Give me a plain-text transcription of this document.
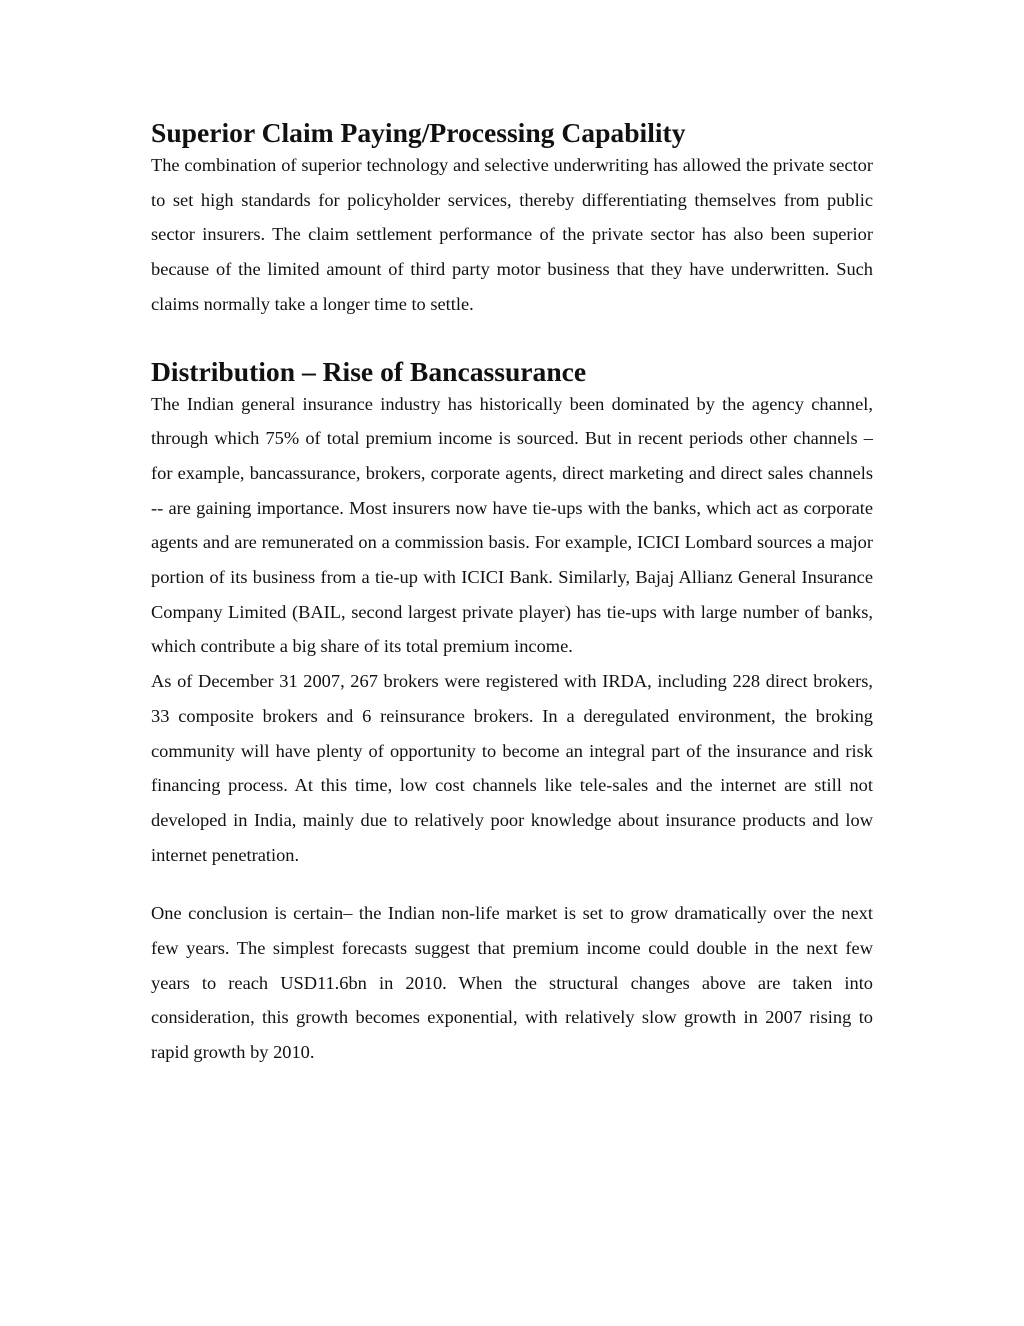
Superior Claim Paying/Processing Capability

The combination of superior technology and selective underwriting has allowed the private sector to set high standards for policyholder services, thereby differentiating themselves from public sector insurers. The claim settlement performance of the private sector has also been superior because of the limited amount of third party motor business that they have underwritten. Such claims normally take a longer time to settle.

Distribution – Rise of Bancassurance

The Indian general insurance industry has historically been dominated by the agency channel, through which 75% of total premium income is sourced. But in recent periods other channels – for example, bancassurance, brokers, corporate agents, direct marketing and direct sales channels -- are gaining importance. Most insurers now have tie-ups with the banks, which act as corporate agents and are remunerated on a commission basis. For example, ICICI Lombard sources a major portion of its business from a tie-up with ICICI Bank. Similarly, Bajaj Allianz General Insurance Company Limited (BAIL, second largest private player) has tie-ups with large number of banks, which contribute a big share of its total premium income.

As of December 31 2007, 267 brokers were registered with IRDA, including 228 direct brokers, 33 composite brokers and 6 reinsurance brokers. In a deregulated environment, the broking community will have plenty of opportunity to become an integral part of the insurance and risk financing process. At this time, low cost channels like tele-sales and the internet are still not developed in India, mainly due to relatively poor knowledge about insurance products and low internet penetration.

One conclusion is certain– the Indian non-life market is set to grow dramatically over the next few years. The simplest forecasts suggest that premium income could double in the next few years to reach USD11.6bn in 2010. When the structural changes above are taken into consideration, this growth becomes exponential, with relatively slow growth in 2007 rising to rapid growth by 2010.
